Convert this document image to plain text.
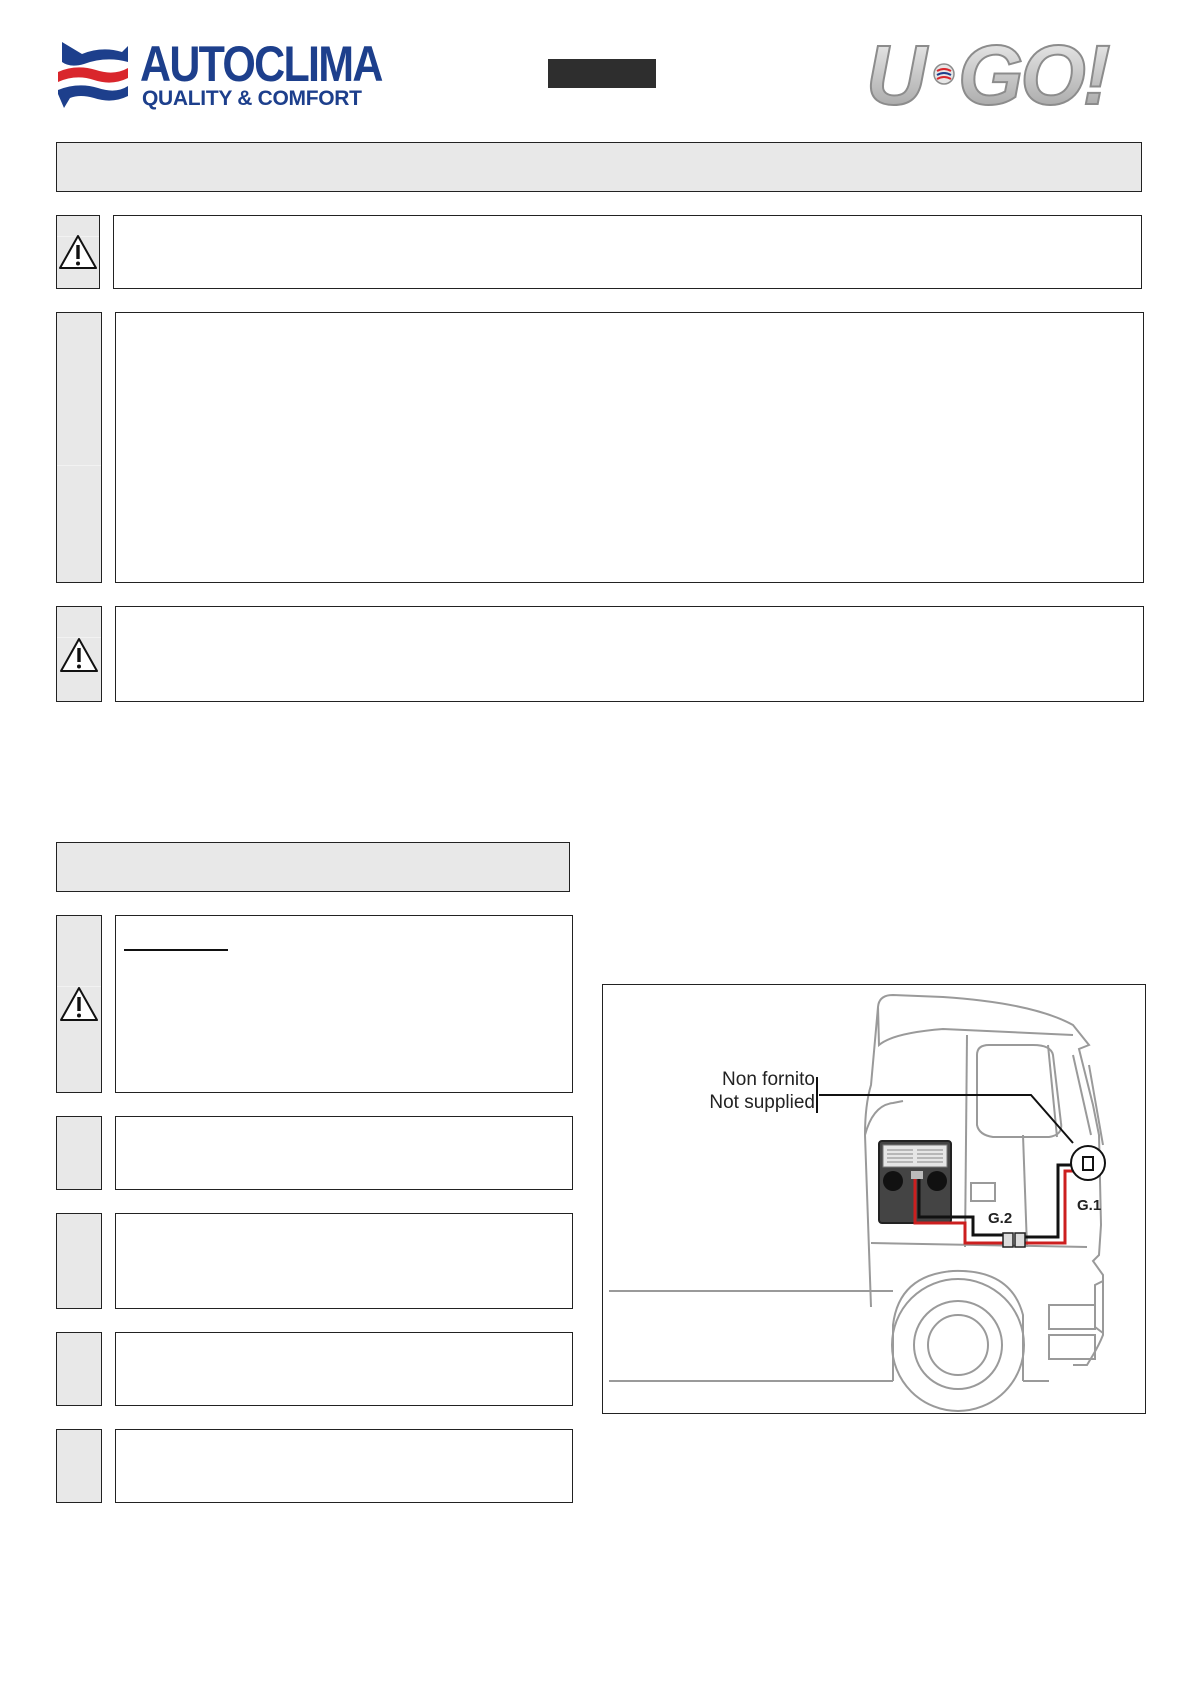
AUTOCLIMA
QUALITY & COMFORT	U GO!
Non fornito
Not supplied
G.1
G.2
